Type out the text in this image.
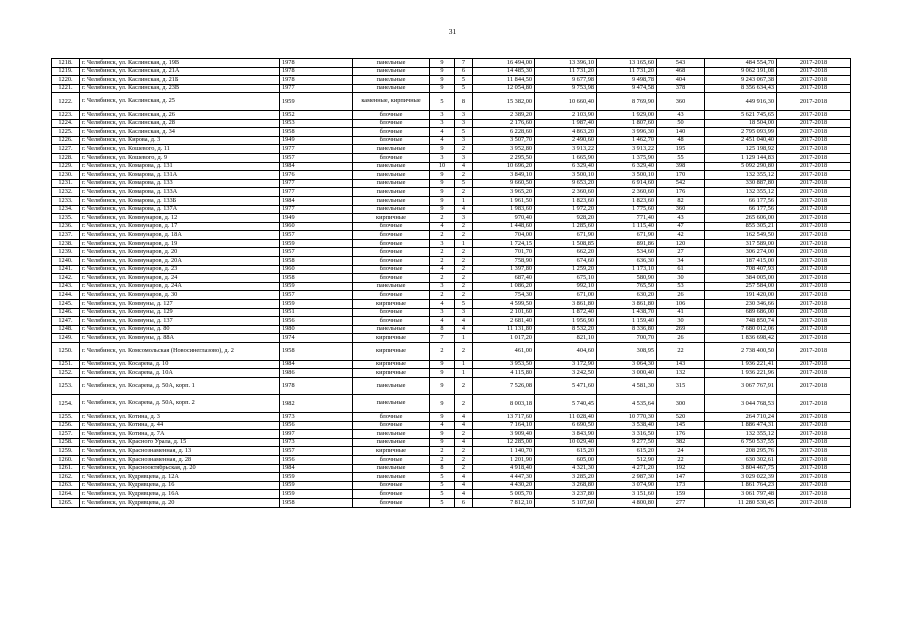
31
1218.	г. Челябинск, ул. Каслинская, д. 19В	1978	панельные	9	7	16 494,00	13 396,10	13 165,60	543	484 554,70	2017-2018
1219.	г. Челябинск, ул. Каслинская, д. 21А	1978	панельные	9	6	14 485,30	11 731,20	11 731,20	468	9 062 191,08	2017-2018
1220.	г. Челябинск, ул. Каслинская, д. 21Б	1978	панельные	9	5	11 844,50	9 677,98	9 498,78	404	9 243 067,38	2017-2018
1221.	г. Челябинск, ул. Каслинская, д. 23В	1977	панельные	9	5	12 054,80	9 753,98	9 474,58	378	8 356 634,43	2017-2018
1222.	г. Челябинск, ул. Каслинская, д. 25	1959	каменные, кирпичные	5	8	15 382,00	10 660,40	8 769,90	360	449 916,30	2017-2018
1223.	г. Челябинск, ул. Каслинская, д. 26	1952	блочные	3	3	2 389,20	2 103,90	1 929,00	43	5 621 745,65	2017-2018
1224.	г. Челябинск, ул. Каслинская, д. 28	1953	блочные	3	3	2 176,60	1 987,40	1 807,60	50	18 504,00	2017-2018
1225.	г. Челябинск, ул. Каслинская, д. 34	1958	блочные	4	5	6 228,60	4 863,20	3 996,30	140	2 795 093,99	2017-2018
1226.	г. Челябинск, ул. Кирова, д. 3	1949	блочные	4	3	3 507,70	2 490,60	1 462,70	48	2 451 040,40	2017-2018
1227.	г. Челябинск, ул. Кошевого, д. 11	1977	панельные	9	2	3 952,80	3 913,22	3 913,22	195	125 198,92	2017-2018
1228.	г. Челябинск, ул. Кошевого, д. 9	1957	блочные	3	3	2 295,50	1 665,90	1 375,90	55	1 129 144,83	2017-2018
1229.	г. Челябинск, ул. Комарова, д. 131	1984	панельные	10	4	10 696,20	6 329,40	6 329,40	398	5 092 290,80	2017-2018
1230.	г. Челябинск, ул. Комарова, д. 131А	1976	панельные	9	2	3 849,10	3 500,10	3 500,10	170	132 355,12	2017-2018
1231.	г. Челябинск, ул. Комарова, д. 133	1977	панельные	9	5	9 660,50	9 653,20	6 914,60	542	330 887,80	2017-2018
1232.	г. Челябинск, ул. Комарова, д. 133А	1977	панельные	9	2	3 965,20	2 360,60	2 360,60	176	132 355,12	2017-2018
1233.	г. Челябинск, ул. Комарова, д. 133Б	1984	панельные	9	1	1 961,50	1 823,60	1 823,60	82	66 177,56	2017-2018
1234.	г. Челябинск, ул. Комарова, д. 137А	1977	панельные	9	4	1 983,60	1 972,20	1 775,60	360	66 177,56	2017-2018
1235.	г. Челябинск, ул. Коммунаров, д. 12	1949	кирпичные	2	3	970,40	928,20	771,40	43	265 606,00	2017-2018
1236.	г. Челябинск, ул. Коммунаров, д. 17	1960	блочные	4	2	1 448,60	1 285,60	1 115,40	47	855 305,21	2017-2018
1237.	г. Челябинск, ул. Коммунаров, д. 18А	1957	блочные	2	2	704,00	671,90	671,90	42	162 549,50	2017-2018
1238.	г. Челябинск, ул. Коммунаров, д. 19	1959	блочные	3	1	1 724,15	1 508,85	891,86	120	317 589,00	2017-2018
1239.	г. Челябинск, ул. Коммунаров, д. 20	1957	блочные	2	2	701,70	662,20	534,60	27	306 274,00	2017-2018
1240.	г. Челябинск, ул. Коммунаров, д. 20А	1958	блочные	2	2	758,90	674,60	636,30	34	187 415,00	2017-2018
1241.	г. Челябинск, ул. Коммунаров, д. 23	1960	блочные	4	2	1 397,80	1 259,20	1 173,10	61	708 407,93	2017-2018
1242.	г. Челябинск, ул. Коммунаров, д. 24	1958	блочные	2	2	687,40	675,10	580,90	30	384 005,00	2017-2018
1243.	г. Челябинск, ул. Коммунаров, д. 24А	1959	панельные	3	2	1 086,20	992,10	765,50	53	257 584,00	2017-2018
1244.	г. Челябинск, ул. Коммунаров, д. 30	1957	блочные	2	2	754,30	671,00	630,20	26	191 420,00	2017-2018
1245.	г. Челябинск, ул. Коммуны, д. 127	1959	кирпичные	4	5	4 599,50	3 861,80	3 861,80	106	230 346,66	2017-2018
1246.	г. Челябинск, ул. Коммуны, д. 129	1951	блочные	3	3	2 101,60	1 872,40	1 438,70	41	689 686,00	2017-2018
1247.	г. Челябинск, ул. Коммуны, д. 137	1956	блочные	4	4	2 681,40	1 956,90	1 159,40	30	748 850,74	2017-2018
1248.	г. Челябинск, ул. Коммуны, д. 80	1980	панельные	8	4	11 131,80	8 532,20	8 336,80	269	7 680 012,06	2017-2018
1249.	г. Челябинск, ул. Коммуны, д. 88А	1974	кирпичные	7	1	1 017,20	821,10	700,70	26	1 836 698,42	2017-2018
1250.	г. Челябинск, ул. Комсомольская (Новосинеглазово), д. 2	1958	кирпичные	2	2	461,00	404,60	308,95	22	2 738 400,50	2017-2018
1251.	г. Челябинск, ул. Косарева, д. 10	1984	кирпичные	9	1	3 953,50	3 172,90	3 064,30	143	1 936 221,41	2017-2018
1252.	г. Челябинск, ул. Косарева, д. 10А	1986	кирпичные	9	1	4 115,80	3 242,50	3 000,40	132	1 936 221,96	2017-2018
1253.	г. Челябинск, ул. Косарева, д. 50А, корп. 1	1978	панельные	9	2	7 526,08	5 471,60	4 581,30	315	3 067 767,91	2017-2018
1254.	г. Челябинск, ул. Косарева, д. 50А, корп. 2	1982	панельные	9	2	8 003,18	5 740,45	4 535,64	300	3 044 768,53	2017-2018
1255.	г. Челябинск, ул. Котина, д. 3	1973	блочные	9	4	13 717,60	11 028,40	10 770,30	520	264 710,24	2017-2018
1256.	г. Челябинск, ул. Котина, д. 44	1956	блочные	4	4	7 164,10	6 690,50	3 538,40	145	1 886 474,31	2017-2018
1257.	г. Челябинск, ул. Котина, д. 7А	1997	панельные	9	2	3 909,40	3 843,90	3 316,50	176	132 355,12	2017-2018
1258.	г. Челябинск, ул. Красного Урала, д. 15	1973	панельные	9	4	12 285,00	10 029,40	9 277,50	382	6 750 537,55	2017-2018
1259.	г. Челябинск, ул. Краснознаменная, д. 13	1957	кирпичные	2	2	1 140,70	615,20	615,20	24	208 295,76	2017-2018
1260.	г. Челябинск, ул. Краснознаменная, д. 28	1956	блочные	2	2	1 201,90	605,00	512,90	22	630 302,61	2017-2018
1261.	г. Челябинск, ул. Краснооктябрьская, д. 20	1984	панельные	8	2	4 918,40	4 321,30	4 271,20	192	3 804 467,75	2017-2018
1262.	г. Челябинск, ул. Кудрявцева, д. 12А	1959	панельные	5	4	4 447,30	3 285,20	2 987,30	147	3 029 022,39	2017-2018
1263.	г. Челябинск, ул. Кудрявцева, д. 16	1959	блочные	5	4	4 430,20	3 268,80	3 074,90	173	1 861 764,23	2017-2018
1264.	г. Челябинск, ул. Кудрявцева, д. 16А	1959	блочные	5	4	5 005,70	3 237,80	3 151,60	159	3 061 797,48	2017-2018
1265.	г. Челябинск, ул. Кудрявцева, д. 20	1958	блочные	5	6	7 812,10	5 107,60	4 800,80	277	11 280 530,45	2017-2018
